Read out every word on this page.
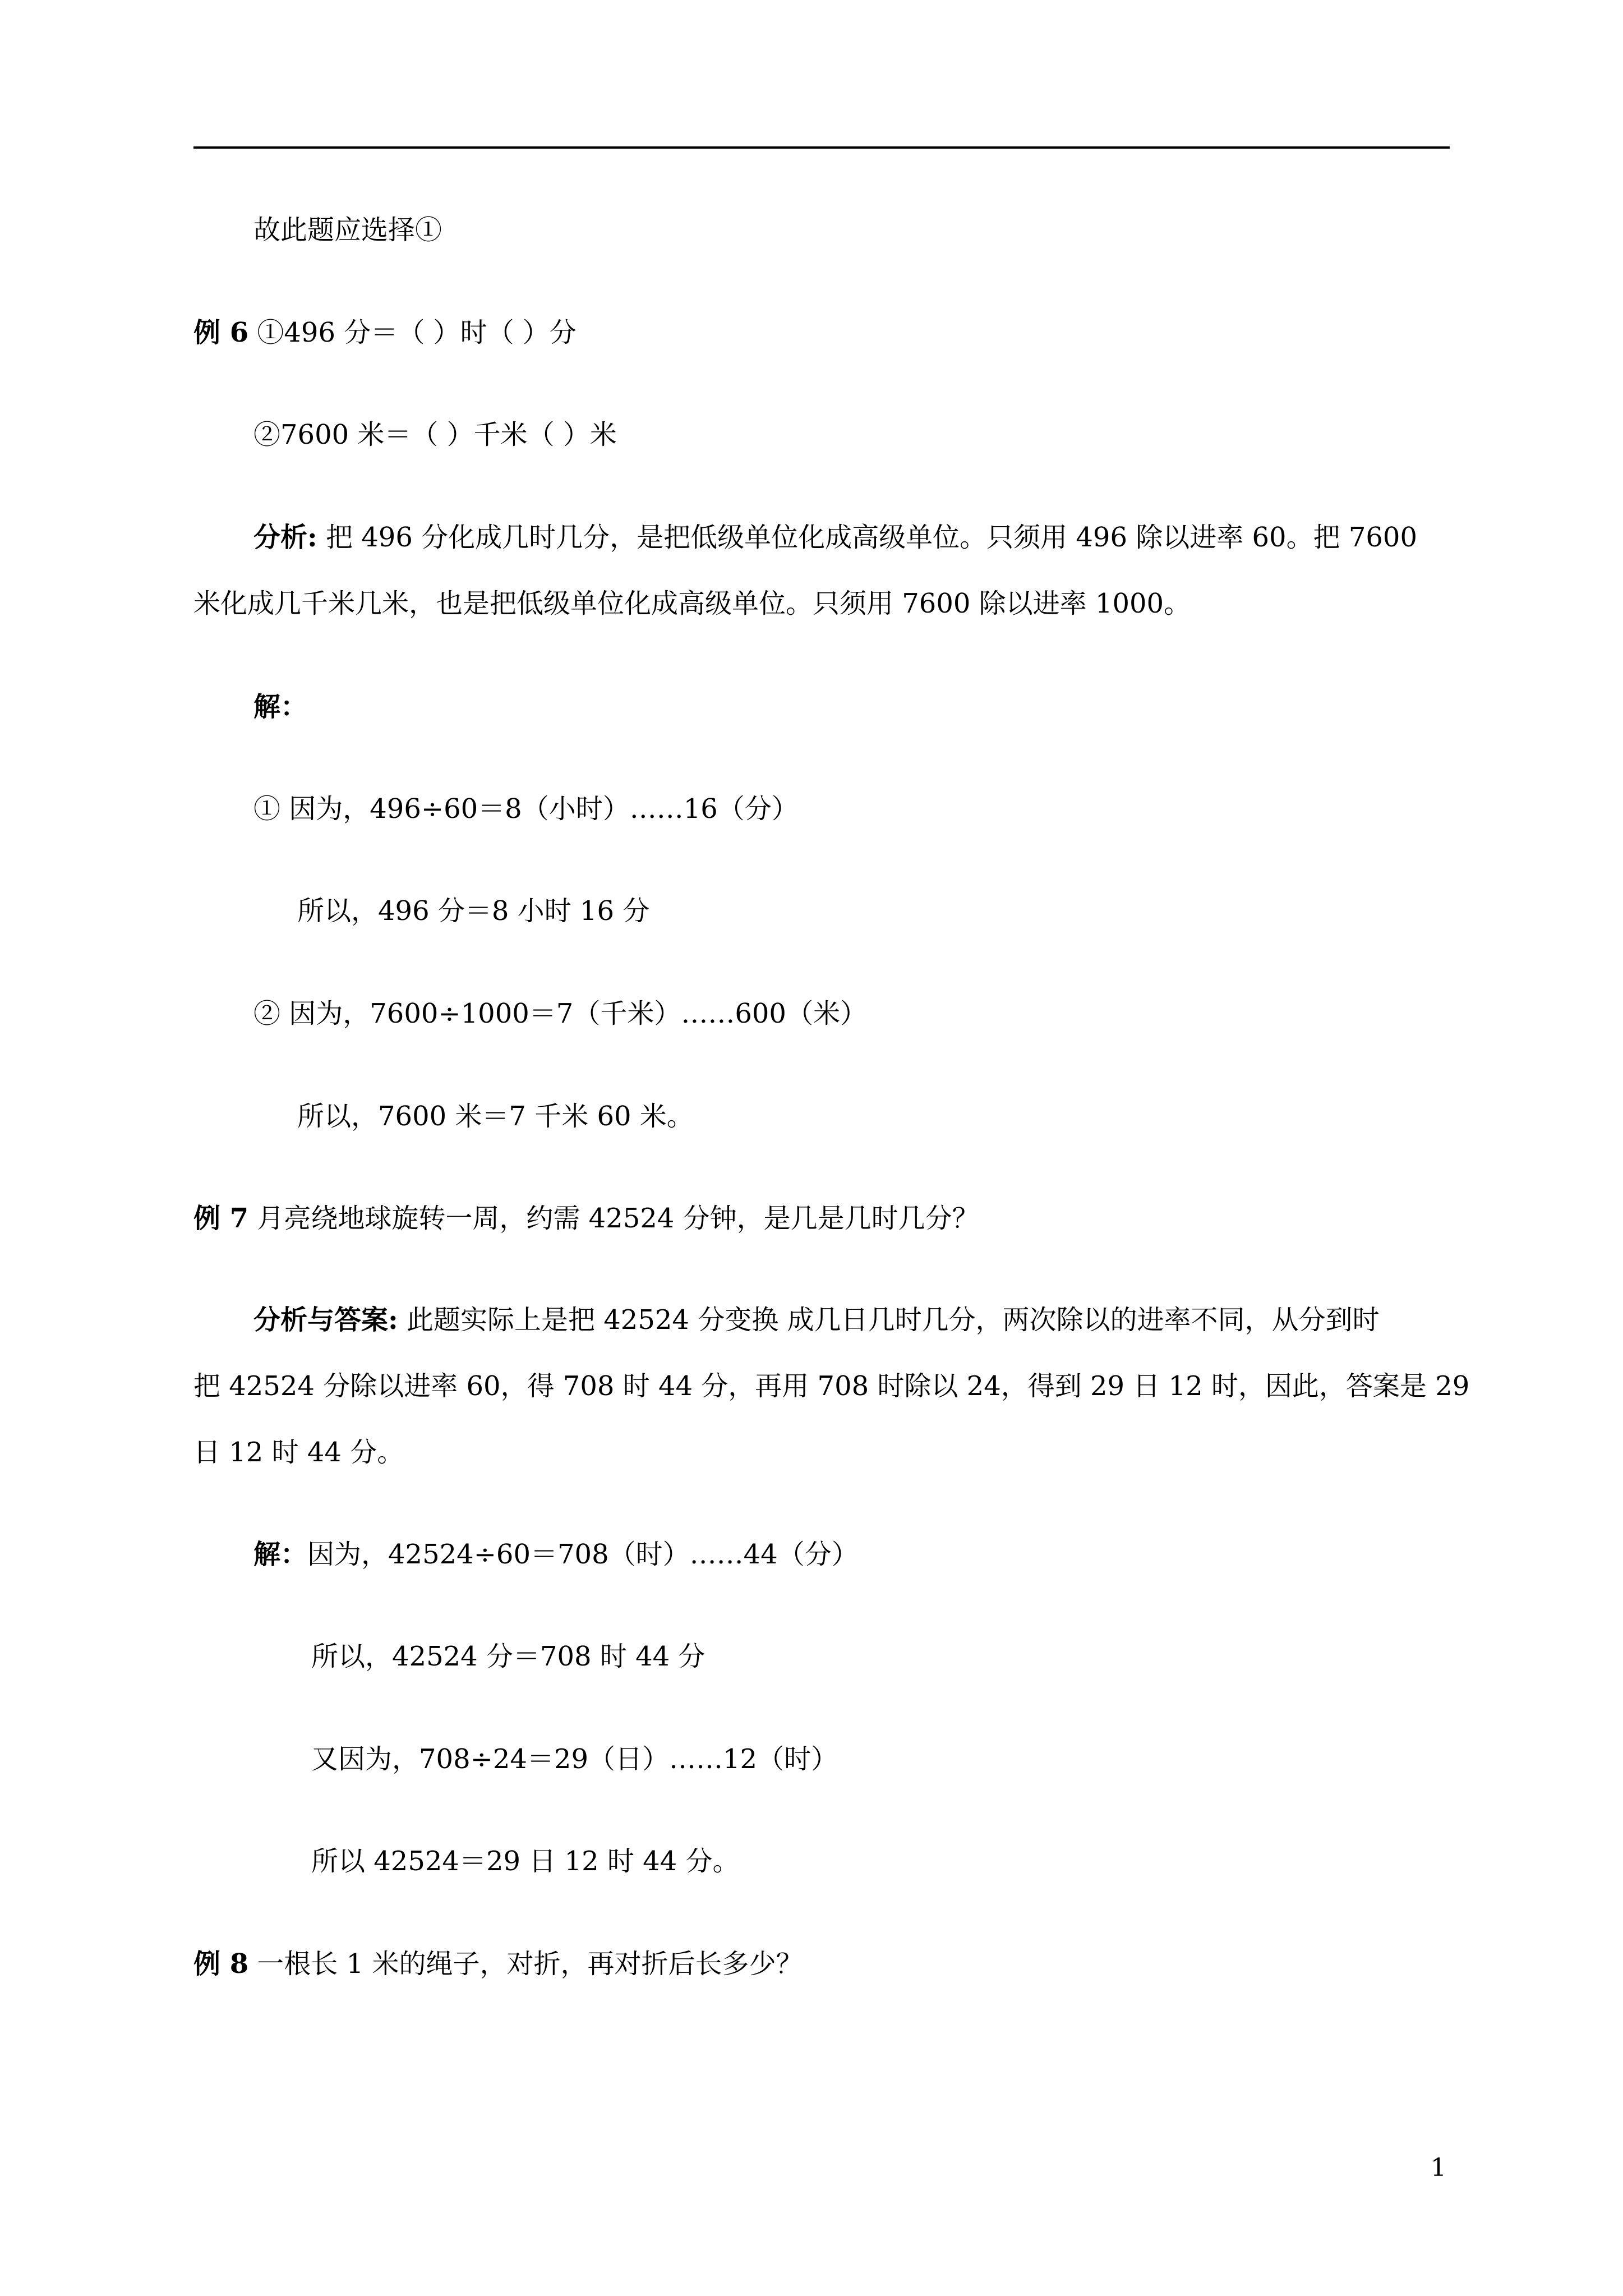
故此题应选择①
例 6 ①496 分＝（ ）时（ ）分
②7600 米＝（ ）千米（ ）米
分析: 把 496 分化成几时几分，是把低级单位化成高级单位。只须用 496 除以进率 60。把 7600
米化成几千米几米，也是把低级单位化成高级单位。只须用 7600 除以进率 1000。
解：
① 因为，496÷60＝8（小时）……16（分）
所以，496 分＝8 小时 16 分
② 因为，7600÷1000＝7（千米）……600（米）
所以，7600 米＝7 千米 60 米。
例 7 月亮绕地球旋转一周，约需 42524 分钟，是几是几时几分？
分析与答案: 此题实际上是把 42524 分变换 成几日几时几分，两次除以的进率不同，从分到时
把 42524 分除以进率 60，得 708 时 44 分，再用 708 时除以 24，得到 29 日 12 时，因此，答案是 29
日 12 时 44 分。
解：因为，42524÷60＝708（时）……44（分）
所以，42524 分＝708 时 44 分
又因为，708÷24＝29（日）……12（时）
所以 42524＝29 日 12 时 44 分。
例 8 一根长 1 米的绳子，对折，再对折后长多少？
1
